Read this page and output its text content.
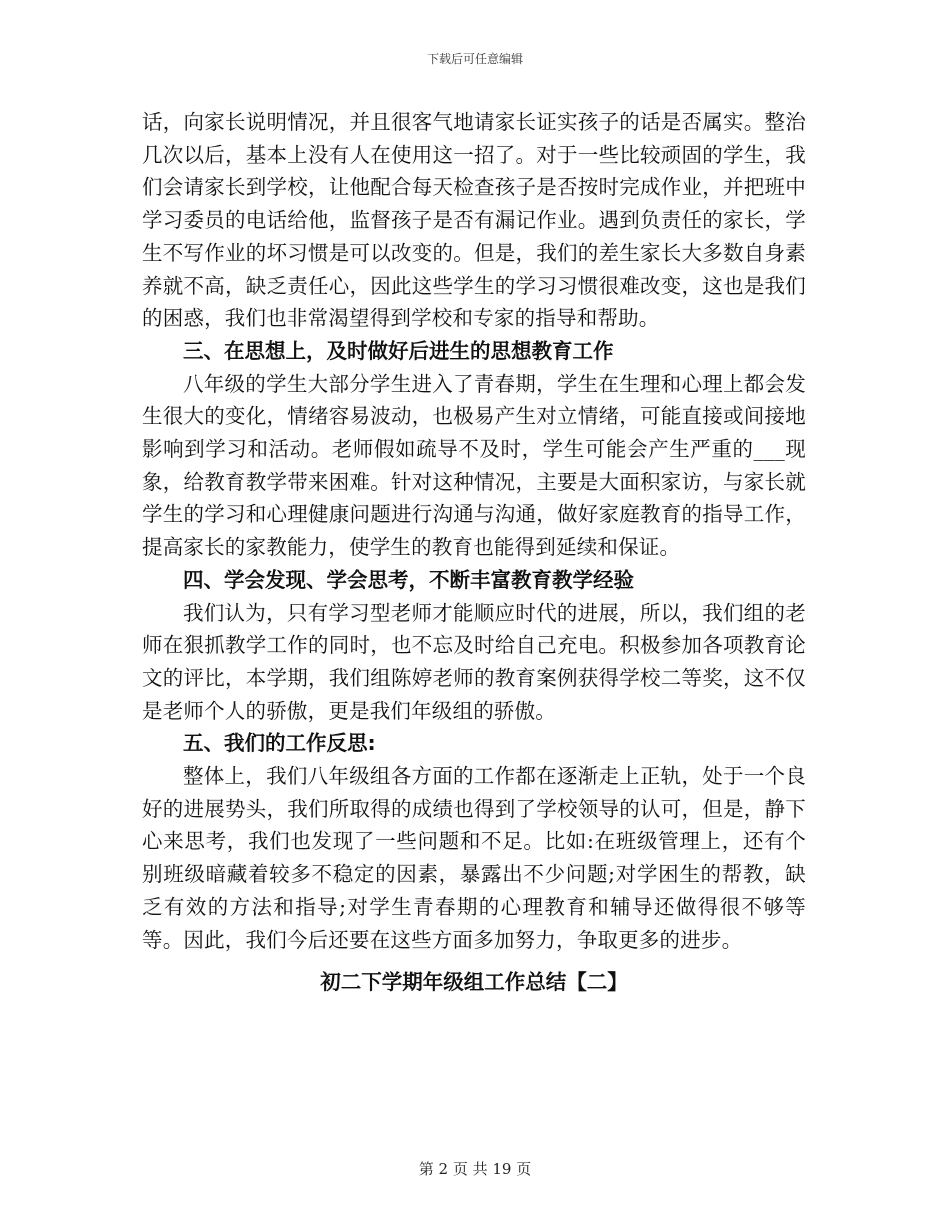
下载后可任意编辑

话，向家长说明情况，并且很客气地请家长证实孩子的话是否属实。整治几次以后，基本上没有人在使用这一招了。对于一些比较顽固的学生，我们会请家长到学校，让他配合每天检查孩子是否按时完成作业，并把班中学习委员的电话给他，监督孩子是否有漏记作业。遇到负责任的家长，学生不写作业的坏习惯是可以改变的。但是，我们的差生家长大多数自身素养就不高，缺乏责任心，因此这些学生的学习习惯很难改变，这也是我们的困惑，我们也非常渴望得到学校和专家的指导和帮助。

三、在思想上，及时做好后进生的思想教育工作

八年级的学生大部分学生进入了青春期，学生在生理和心理上都会发生很大的变化，情绪容易波动，也极易产生对立情绪，可能直接或间接地影响到学习和活动。老师假如疏导不及时，学生可能会产生严重的___现象，给教育教学带来困难。针对这种情况，主要是大面积家访，与家长就学生的学习和心理健康问题进行沟通与沟通，做好家庭教育的指导工作，提高家长的家教能力，使学生的教育也能得到延续和保证。

四、学会发现、学会思考，不断丰富教育教学经验

我们认为，只有学习型老师才能顺应时代的进展，所以，我们组的老师在狠抓教学工作的同时，也不忘及时给自己充电。积极参加各项教育论文的评比，本学期，我们组陈婷老师的教育案例获得学校二等奖，这不仅是老师个人的骄傲，更是我们年级组的骄傲。

五、我们的工作反思:

整体上，我们八年级组各方面的工作都在逐渐走上正轨，处于一个良好的进展势头，我们所取得的成绩也得到了学校领导的认可，但是，静下心来思考，我们也发现了一些问题和不足。比如:在班级管理上，还有个别班级暗藏着较多不稳定的因素，暴露出不少问题;对学困生的帮教，缺乏有效的方法和指导;对学生青春期的心理教育和辅导还做得很不够等等。因此，我们今后还要在这些方面多加努力，争取更多的进步。

初二下学期年级组工作总结【二】

第 2 页 共 19 页
